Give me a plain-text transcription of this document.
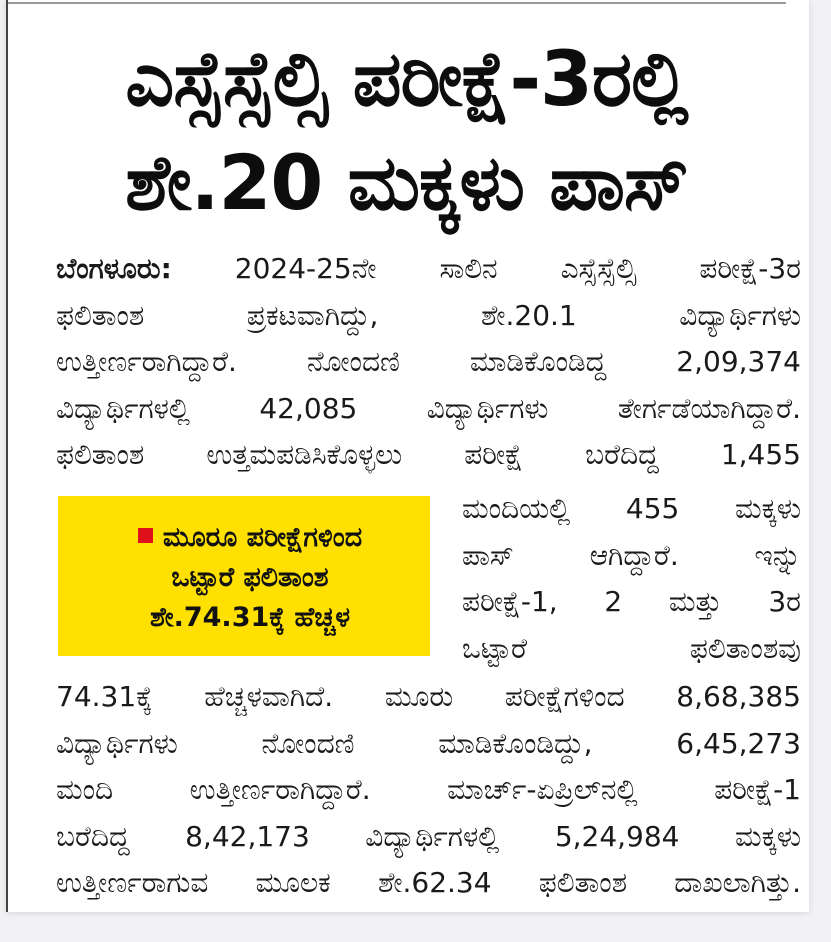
ಎಸ್ಸೆಸ್ಸೆಲ್ಸಿ ಪರೀಕ್ಷೆ-3ರಲ್ಲಿ
ಶೇ.20 ಮಕ್ಕಳು ಪಾಸ್
ಬೆಂಗಳೂರು: 2024-25ನೇ ಸಾಲಿನ ಎಸ್ಸೆಸ್ಸೆಲ್ಸಿ ಪರೀಕ್ಷೆ-3ರ
ಫಲಿತಾಂಶ ಪ್ರಕಟವಾಗಿದ್ದು, ಶೇ.20.1 ವಿದ್ಯಾರ್ಥಿಗಳು
ಉತ್ತೀರ್ಣರಾಗಿದ್ದಾರೆ. ನೋಂದಣಿ ಮಾಡಿಕೊಂಡಿದ್ದ 2,09,374
ವಿದ್ಯಾರ್ಥಿಗಳಲ್ಲಿ 42,085 ವಿದ್ಯಾರ್ಥಿಗಳು ತೇರ್ಗಡೆಯಾಗಿದ್ದಾರೆ.
ಫಲಿತಾಂಶ ಉತ್ತಮಪಡಿಸಿಕೊಳ್ಳಲು ಪರೀಕ್ಷೆ ಬರೆದಿದ್ದ 1,455
ಮೂರೂ ಪರೀಕ್ಷೆಗಳಿಂದ
ಒಟ್ಟಾರೆ ಫಲಿತಾಂಶ
ಶೇ.74.31ಕ್ಕೆ ಹೆಚ್ಚಳ
ಮಂದಿಯಲ್ಲಿ 455 ಮಕ್ಕಳು
ಪಾಸ್ ಆಗಿದ್ದಾರೆ. ಇನ್ನು
ಪರೀಕ್ಷೆ-1, 2 ಮತ್ತು 3ರ
ಒಟ್ಟಾರೆ ಫಲಿತಾಂಶವು
74.31ಕ್ಕೆ ಹೆಚ್ಚಳವಾಗಿದೆ. ಮೂರು ಪರೀಕ್ಷೆಗಳಿಂದ 8,68,385
ವಿದ್ಯಾರ್ಥಿಗಳು ನೋಂದಣಿ ಮಾಡಿಕೊಂಡಿದ್ದು, 6,45,273
ಮಂದಿ ಉತ್ತೀರ್ಣರಾಗಿದ್ದಾರೆ. ಮಾರ್ಚ್-ಏಪ್ರಿಲ್‌ನಲ್ಲಿ ಪರೀಕ್ಷೆ-1
ಬರೆದಿದ್ದ 8,42,173 ವಿದ್ಯಾರ್ಥಿಗಳಲ್ಲಿ 5,24,984 ಮಕ್ಕಳು
ಉತ್ತೀರ್ಣರಾಗುವ ಮೂಲಕ ಶೇ.62.34 ಫಲಿತಾಂಶ ದಾಖಲಾಗಿತ್ತು.
